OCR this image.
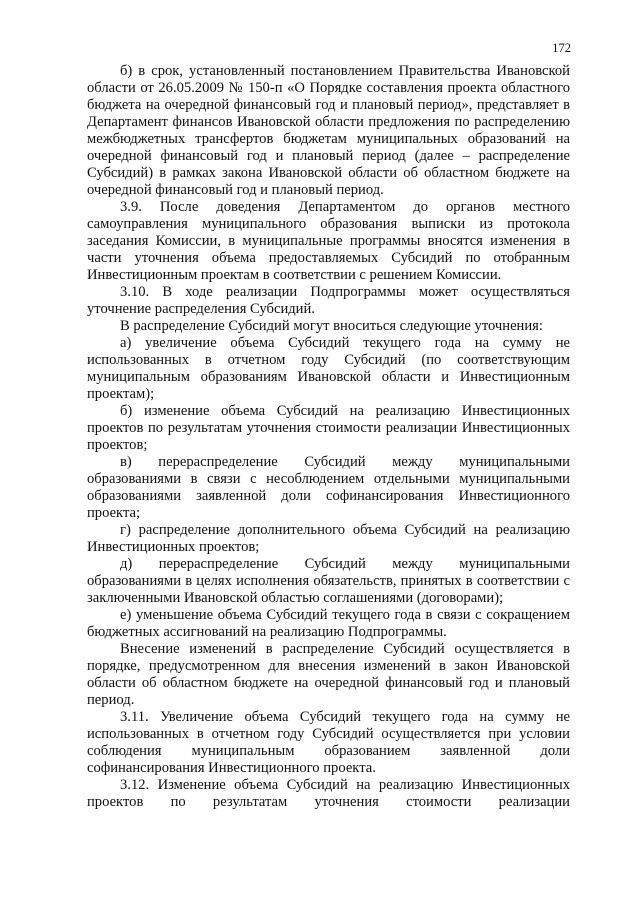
172

б) в срок, установленный постановлением Правительства Ивановской области от 26.05.2009 № 150-п «О Порядке составления проекта областного бюджета на очередной финансовый год и плановый период», представляет в Департамент финансов Ивановской области предложения по распределению межбюджетных трансфертов бюджетам муниципальных образований на очередной финансовый год и плановый период (далее – распределение Субсидий) в рамках закона Ивановской области об областном бюджете на очередной финансовый год и плановый период.

3.9. После доведения Департаментом до органов местного самоуправления муниципального образования выписки из протокола заседания Комиссии, в муниципальные программы вносятся изменения в части уточнения объема предоставляемых Субсидий по отобранным Инвестиционным проектам в соответствии с решением Комиссии.

3.10. В ходе реализации Подпрограммы может осуществляться уточнение распределения Субсидий.

В распределение Субсидий могут вноситься следующие уточнения:

а) увеличение объема Субсидий текущего года на сумму не использованных в отчетном году Субсидий (по соответствующим муниципальным образованиям Ивановской области и Инвестиционным проектам);

б) изменение объема Субсидий на реализацию Инвестиционных проектов по результатам уточнения стоимости реализации Инвестиционных проектов;

в) перераспределение Субсидий между муниципальными образованиями в связи с несоблюдением отдельными муниципальными образованиями заявленной доли софинансирования Инвестиционного проекта;

г) распределение дополнительного объема Субсидий на реализацию Инвестиционных проектов;

д) перераспределение Субсидий между муниципальными образованиями в целях исполнения обязательств, принятых в соответствии с заключенными Ивановской областью соглашениями (договорами);

е) уменьшение объема Субсидий текущего года в связи с сокращением бюджетных ассигнований на реализацию Подпрограммы.

Внесение изменений в распределение Субсидий осуществляется в порядке, предусмотренном для внесения изменений в закон Ивановской области об областном бюджете на очередной финансовый год и плановый период.

3.11. Увеличение объема Субсидий текущего года на сумму не использованных в отчетном году Субсидий осуществляется при условии соблюдения муниципальным образованием заявленной доли софинансирования Инвестиционного проекта.

3.12. Изменение объема Субсидий на реализацию Инвестиционных проектов по результатам уточнения стоимости реализации
